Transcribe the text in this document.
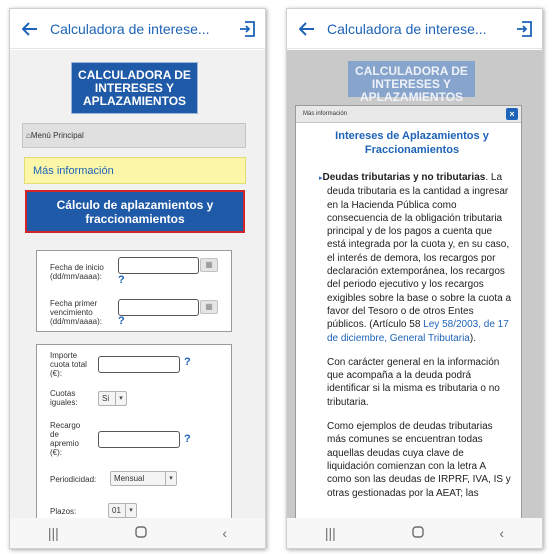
Calculadora de interese...
CALCULADORA DE INTERESES Y APLAZAMIENTOS
⌂Menú Principal
Más información
Cálculo de aplazamientos y fraccionamientos
Fecha de inicio (dd/mm/aaaa):
▦
?
Fecha primer vencimiento (dd/mm/aaaa):
▦
?
Importe cuota total (€):
?
Cuotas iguales:	Si	▾
Recargo de apremio (€):
?
Periodicidad:	Mensual	▾
Plazos:	01	▾
|||	‹
Calculadora de interese...
CALCULADORA DE INTERESES Y APLAZAMIENTOS
Más información	×
Intereses de Aplazamientos y Fraccionamientos

▸Deudas tributarias y no tributarias. La deuda tributaria es la cantidad a ingresar en la Hacienda Pública como consecuencia de la obligación tributaria principal y de los pagos a cuenta que está integrada por la cuota y, en su caso, el interés de demora, los recargos por declaración extemporánea, los recargos del periodo ejecutivo y los recargos exigibles sobre la base o sobre la cuota a favor del Tesoro o de otros Entes públicos. (Artículo 58 Ley 58/2003, de 17 de diciembre, General Tributaria).

Con carácter general en la información que acompaña a la deuda podrá identificar si la misma es tributaria o no tributaria.

Como ejemplos de deudas tributarias más comunes se encuentran todas aquellas deudas cuya clave de liquidación comienzan con la letra A como son las deudas de IRPRF, IVA, IS y otras gestionadas por la AEAT; las

|||	‹
